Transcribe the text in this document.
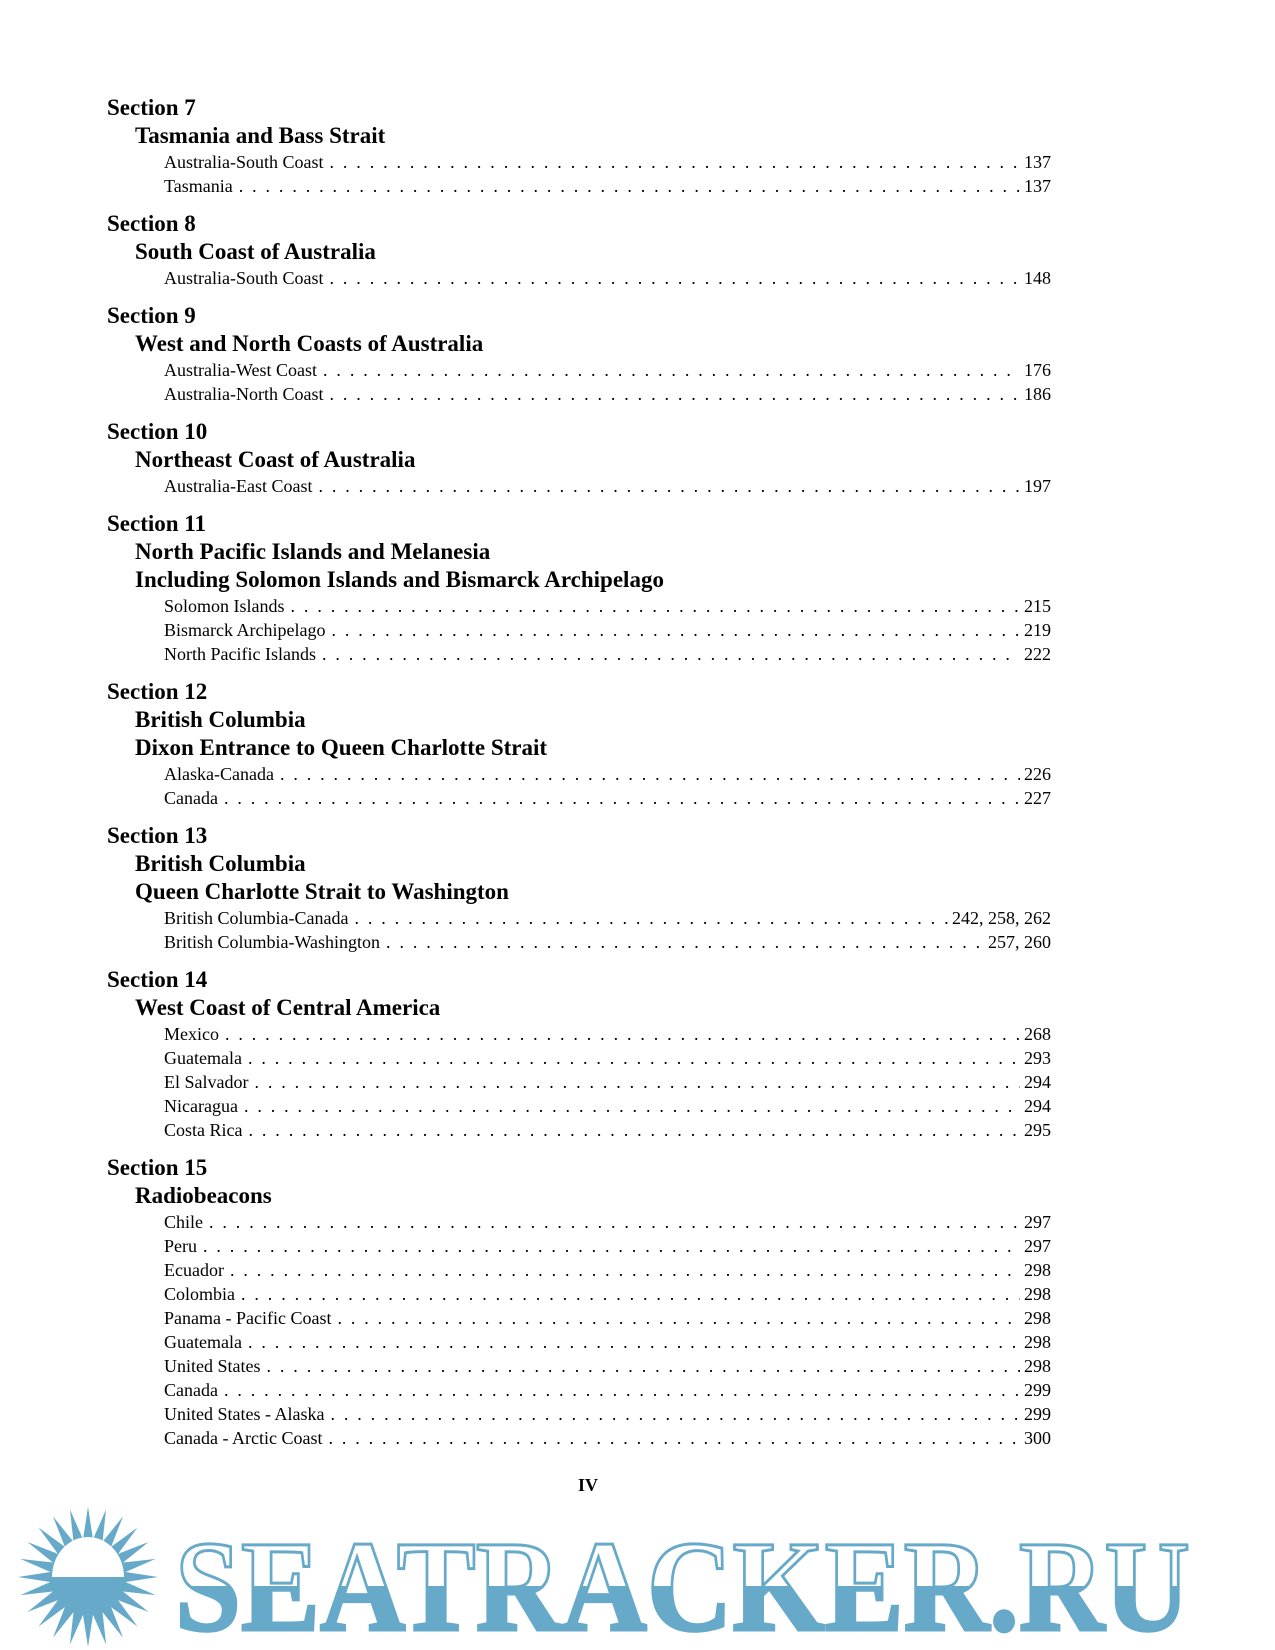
Section 7
Tasmania and Bass Strait
Australia-South Coast . . .	137
Tasmania . . .	137
Section 8
South Coast of Australia
Australia-South Coast . . .	148
Section 9
West and North Coasts of Australia
Australia-West Coast . . .	176
Australia-North Coast . . .	186
Section 10
Northeast Coast of Australia
Australia-East Coast . . .	197
Section 11
North Pacific Islands and Melanesia
Including Solomon Islands and Bismarck Archipelago
Solomon Islands . . .	215
Bismarck Archipelago . . .	219
North Pacific Islands . . .	222
Section 12
British Columbia
Dixon Entrance to Queen Charlotte Strait
Alaska-Canada . . .	226
Canada . . .	227
Section 13
British Columbia
Queen Charlotte Strait to Washington
British Columbia-Canada . . .	242, 258, 262
British Columbia-Washington . . .	257, 260
Section 14
West Coast of Central America
Mexico . . .	268
Guatemala . . .	293
El Salvador . . .	294
Nicaragua . . .	294
Costa Rica . . .	295
Section 15
Radiobeacons
Chile . . .	297
Peru . . .	297
Ecuador . . .	298
Colombia . . .	298
Panama - Pacific Coast . . .	298
Guatemala . . .	298
United States . . .	298
Canada . . .	299
United States - Alaska . . .	299
Canada - Arctic Coast . . .	300
IV
SEATRACKER.RU
